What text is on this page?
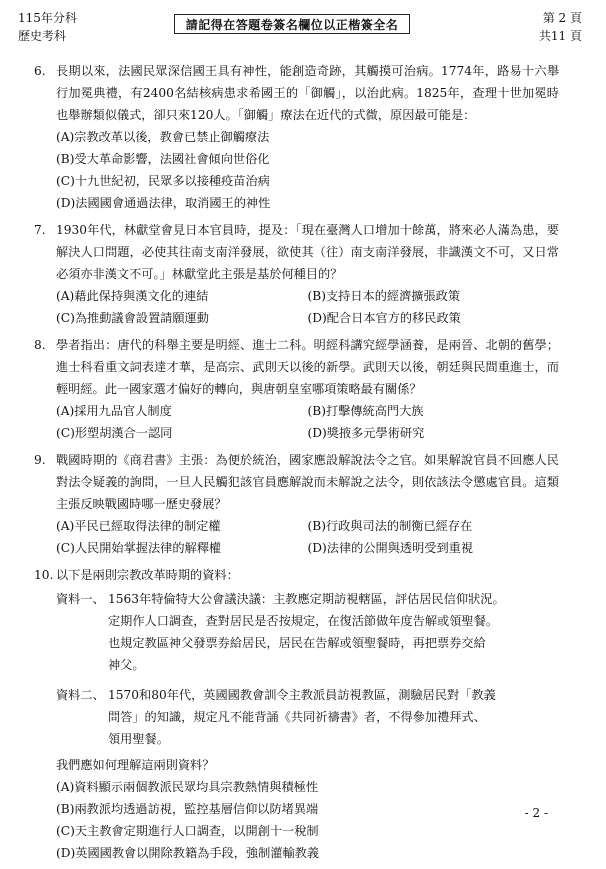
115年分科
歷史考科
請記得在答題卷簽名欄位以正楷簽全名	第 2 頁
共11 頁
6. 長期以來，法國民眾深信國王具有神性，能創造奇跡，其觸摸可治病。1774年，路易十六舉行加冕典禮，有2400名結核病患求希國王的「御觸」，以治此病。1825年，查理十世加冕時也舉辦類似儀式，卻只來120人。「御觸」療法在近代的式微，原因最可能是：
(A)宗教改革以後，教會已禁止御觸療法
(B)受大革命影響，法國社會傾向世俗化
(C)十九世紀初，民眾多以接種疫苗治病
(D)法國國會通過法律，取消國王的神性
7. 1930年代，林獻堂會見日本官員時，提及：「現在臺灣人口增加十餘萬，將來必人滿為患，要解決人口問題，必使其往南支南洋發展，欲使其（往）南支南洋發展，非識漢文不可，又日常必須亦非漢文不可。」林獻堂此主張是基於何種目的？
(A)藉此保持與漢文化的連結	(B)支持日本的經濟擴張政策
(C)為推動議會設置請願運動	(D)配合日本官方的移民政策
8. 學者指出：唐代的科舉主要是明經、進士二科。明經科講究經學涵養，是兩晉、北朝的舊學；進士科看重文詞表達才華，是高宗、武則天以後的新學。武則天以後，朝廷與民間重進士，而輕明經。此一國家選才偏好的轉向，與唐朝皇室哪項策略最有關係？
(A)採用九品官人制度	(B)打擊傳統高門大族
(C)形塑胡漢合一認同	(D)獎掖多元學術研究
9. 戰國時期的《商君書》主張：為便於統治，國家應設解說法令之官。如果解說官員不回應人民對法令疑義的詢問，一旦人民觸犯該官員應解說而未解說之法令，則依該法令懲處官員。這類主張反映戰國時哪一歷史發展？
(A)平民已經取得法律的制定權	(B)行政與司法的制衡已經存在
(C)人民開始掌握法律的解釋權	(D)法律的公開與透明受到重視
10. 以下是兩則宗教改革時期的資料：
資料一、 1563年特倫特大公會議決議：主教應定期訪視轄區，評估居民信仰狀況。
定期作人口調查，查對居民是否按規定，在復活節做年度告解或領聖餐。
也規定教區神父發票券給居民，居民在告解或領聖餐時，再把票券交給
神父。
資料二、 1570和80年代，英國國教會訓令主教派員訪視教區，測驗居民對「教義
問答」的知識，規定凡不能背誦《共同祈禱書》者，不得參加禮拜式、
領用聖餐。
我們應如何理解這兩則資料？
(A)資料顯示兩個教派民眾均具宗教熱情與積極性
(B)兩教派均透過訪視，監控基層信仰以防堵異端
(C)天主教會定期進行人口調查，以開創十一稅制
(D)英國國教會以開除教籍為手段，強制灌輸教義
- 2 -
